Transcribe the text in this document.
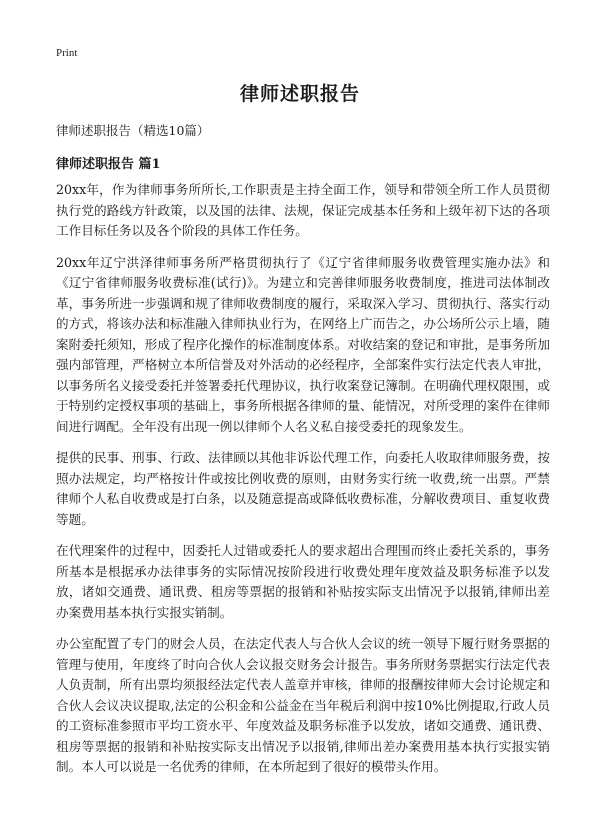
Print
律师述职报告

律师述职报告（精选10篇）

律师述职报告 篇1

20xx年，作为律师事务所所长,工作职责是主持全面工作，领导和带领全所工作人员贯彻执行党的路线方针政策，以及国的法律、法规，保证完成基本任务和上级年初下达的各项工作目标任务以及各个阶段的具体工作任务。

20xx年辽宁洪泽律师事务所严格贯彻执行了《辽宁省律师服务收费管理实施办法》和《辽宁省律师服务收费标准(试行)》。为建立和完善律师服务收费制度，推进司法体制改革，事务所进一步强调和规了律师收费制度的履行，采取深入学习、贯彻执行、落实行动的方式，将该办法和标准融入律师执业行为，在网络上广而告之，办公场所公示上墙，随案附委托须知，形成了程序化操作的标准制度体系。对收结案的登记和审批，是事务所加强内部管理，严格树立本所信誉及对外活动的必经程序，全部案件实行法定代表人审批，以事务所名义接受委托并签署委托代理协议，执行收案登记簿制。在明确代理权限围，或于特别约定授权事项的基础上，事务所根据各律师的量、能情况，对所受理的案件在律师间进行调配。全年没有出现一例以律师个人名义私自接受委托的现象发生。

提供的民事、刑事、行政、法律顾以其他非诉讼代理工作，向委托人收取律师服务费，按照办法规定，均严格按计件或按比例收费的原则，由财务实行统一收费,统一出票。严禁律师个人私自收费或是打白条，以及随意提高或降低收费标准，分解收费项目、重复收费等题。

在代理案件的过程中，因委托人过错或委托人的要求超出合理围而终止委托关系的，事务所基本是根据承办法律事务的实际情况按阶段进行收费处理年度效益及职务标准予以发放，诸如交通费、通讯费、租房等票据的报销和补贴按实际支出情况予以报销,律师出差办案费用基本执行实报实销制。

办公室配置了专门的财会人员，在法定代表人与合伙人会议的统一领导下履行财务票据的管理与使用，年度终了时向合伙人会议报交财务会计报告。事务所财务票据实行法定代表人负责制，所有出票均须报经法定代表人盖章并审核，律师的报酬按律师大会讨论规定和合伙人会议决议提取,法定的公积金和公益金在当年税后利润中按10%比例提取,行政人员的工资标准参照市平均工资水平、年度效益及职务标准予以发放，诸如交通费、通讯费、租房等票据的报销和补贴按实际支出情况予以报销,律师出差办案费用基本执行实报实销制。本人可以说是一名优秀的律师，在本所起到了很好的模带头作用。
